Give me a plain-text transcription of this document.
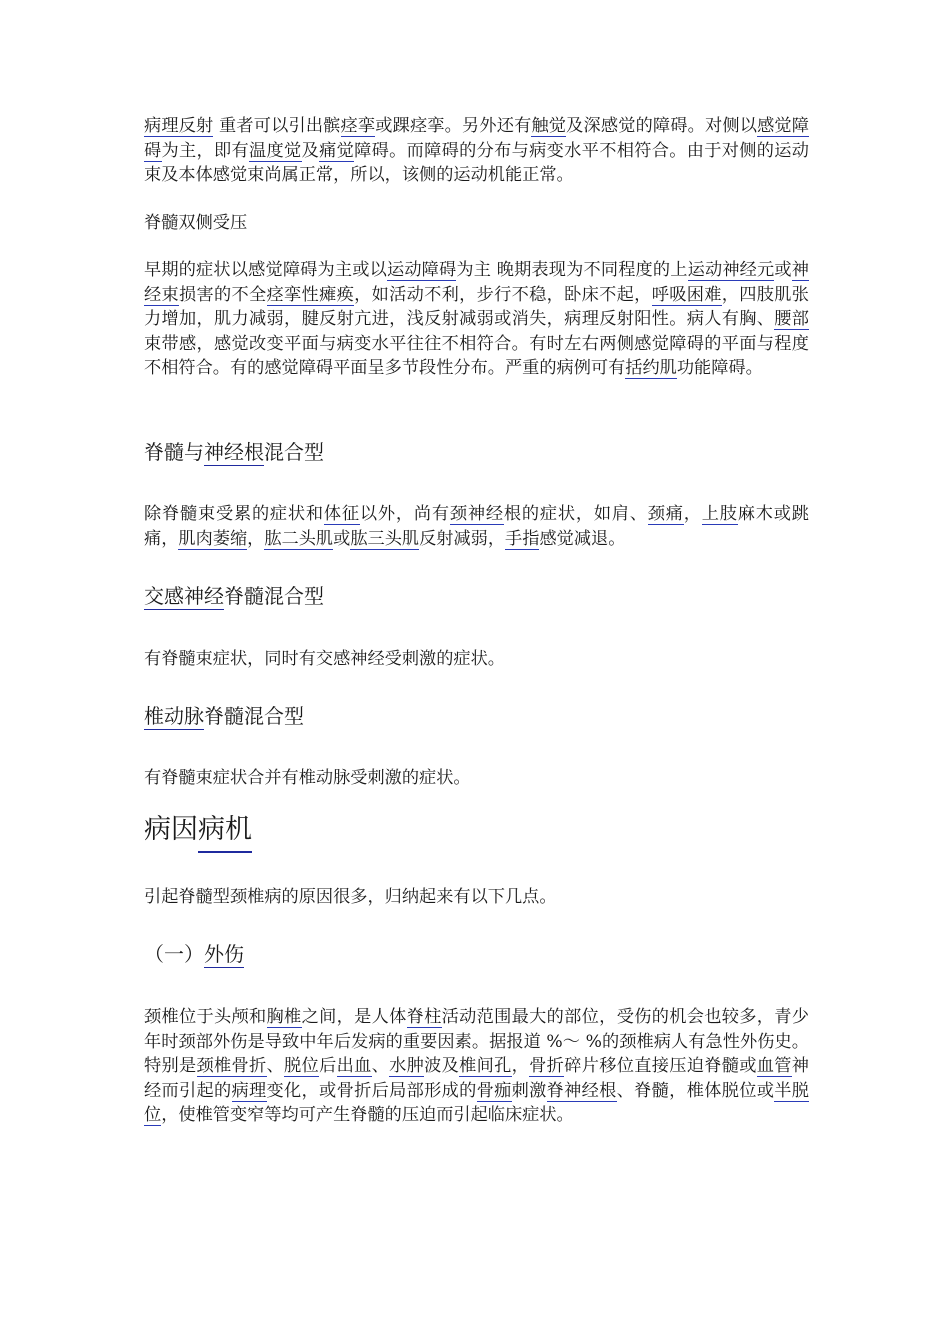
病理反射 重者可以引出髌痉挛或踝痉挛。另外还有触觉及深感觉的障碍。对侧以感觉障碍为主，即有温度觉及痛觉障碍。而障碍的分布与病变水平不相符合。由于对侧的运动束及本体感觉束尚属正常，所以，该侧的运动机能正常。

脊髓双侧受压

早期的症状以感觉障碍为主或以运动障碍为主 晚期表现为不同程度的上运动神经元或神经束损害的不全痉挛性瘫痪，如活动不利，步行不稳，卧床不起，呼吸困难，四肢肌张力增加，肌力减弱，腱反射亢进，浅反射减弱或消失，病理反射阳性。病人有胸、腰部束带感，感觉改变平面与病变水平往往不相符合。有时左右两侧感觉障碍的平面与程度不相符合。有的感觉障碍平面呈多节段性分布。严重的病例可有括约肌功能障碍。

脊髓与神经根混合型

除脊髓束受累的症状和体征以外，尚有颈神经根的症状，如肩、颈痛，上肢麻木或跳痛，肌肉萎缩，肱二头肌或肱三头肌反射减弱，手指感觉减退。

交感神经脊髓混合型

有脊髓束症状，同时有交感神经受刺激的症状。

椎动脉脊髓混合型

有脊髓束症状合并有椎动脉受刺激的症状。

病因病机

引起脊髓型颈椎病的原因很多，归纳起来有以下几点。

（一）外伤

颈椎位于头颅和胸椎之间，是人体脊柱活动范围最大的部位，受伤的机会也较多，青少年时颈部外伤是导致中年后发病的重要因素。据报道 %～ %的颈椎病人有急性外伤史。特别是颈椎骨折、脱位后出血、水肿波及椎间孔，骨折碎片移位直接压迫脊髓或血管神经而引起的病理变化，或骨折后局部形成的骨痂刺激脊神经根、脊髓，椎体脱位或半脱位，使椎管变窄等均可产生脊髓的压迫而引起临床症状。
